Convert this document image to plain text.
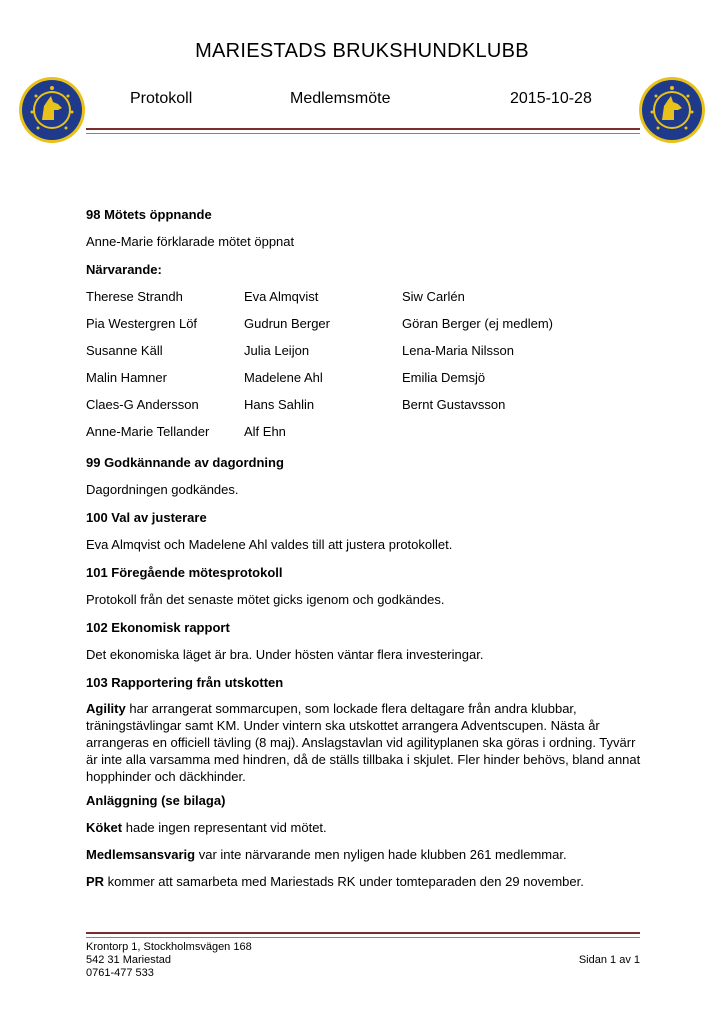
MARIESTADS BRUKSHUNDKLUBB
Protokoll	Medlemsmöte	2015-10-28
98 Mötets öppnande
Anne-Marie förklarade mötet öppnat
Närvarande:
Therese Strandh
Pia Westergren Löf
Susanne Käll
Malin Hamner
Claes-G Andersson
Anne-Marie Tellander
Eva Almqvist
Gudrun Berger
Julia Leijon
Madelene Ahl
Hans Sahlin
Alf Ehn
Siw Carlén
Göran Berger (ej medlem)
Lena-Maria Nilsson
Emilia Demsjö
Bernt Gustavsson
99 Godkännande av dagordning
Dagordningen godkändes.
100 Val av justerare
Eva Almqvist och Madelene Ahl valdes till att justera protokollet.
101 Föregående mötesprotokoll
Protokoll från det senaste mötet gicks igenom och godkändes.
102 Ekonomisk rapport
Det ekonomiska läget är bra. Under hösten väntar flera investeringar.
103 Rapportering från utskotten
Agility har arrangerat sommarcupen, som lockade flera deltagare från andra klubbar, träningstävlingar samt KM. Under vintern ska utskottet arrangera Adventscupen. Nästa år arrangeras en officiell tävling (8 maj). Anslagstavlan vid agilityplanen ska göras i ordning. Tyvärr är inte alla varsamma med hindren, då de ställs tillbaka i skjulet. Fler hinder behövs, bland annat hopphinder och däckhinder.
Anläggning (se bilaga)
Köket hade ingen representant vid mötet.
Medlemsansvarig var inte närvarande men nyligen hade klubben 261 medlemmar.
PR kommer att samarbeta med Mariestads RK under tomteparaden den 29 november.
Krontorp 1, Stockholmsvägen 168
542 31 Mariestad
0761-477 533
Sidan 1 av 1
